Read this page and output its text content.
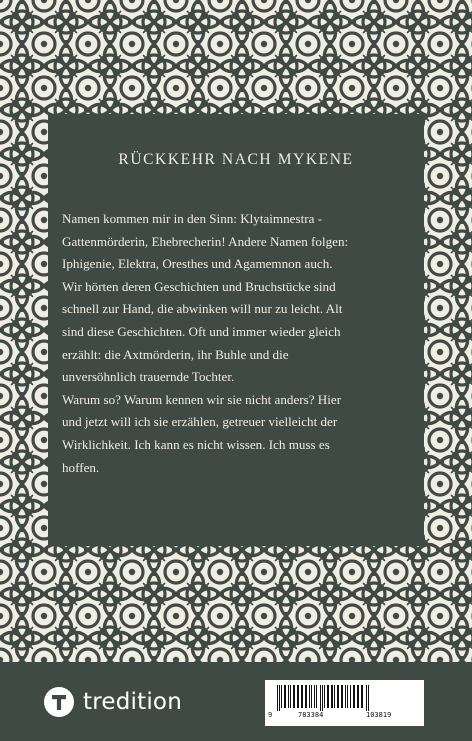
RÜCKKEHR NACH MYKENE
Namen kommen mir in den Sinn: Klytaimnestra -
Gattenmörderin, Ehebrecherin! Andere Namen folgen:
Iphigenie, Elektra, Oresthes und Agamemnon auch.
Wir hörten deren Geschichten und Bruchstücke sind
schnell zur Hand, die abwinken will nur zu leicht. Alt
sind diese Geschichten. Oft und immer wieder gleich
erzählt: die Axtmörderin, ihr Buhle und die
unversöhnlich trauernde Tochter.
Warum so? Warum kennen wir sie nicht anders? Hier
und jetzt will ich sie erzählen, getreuer vielleicht der
Wirklichkeit. Ich kann es nicht wissen. Ich muss es
hoffen.
tredition	9	783384	103819
